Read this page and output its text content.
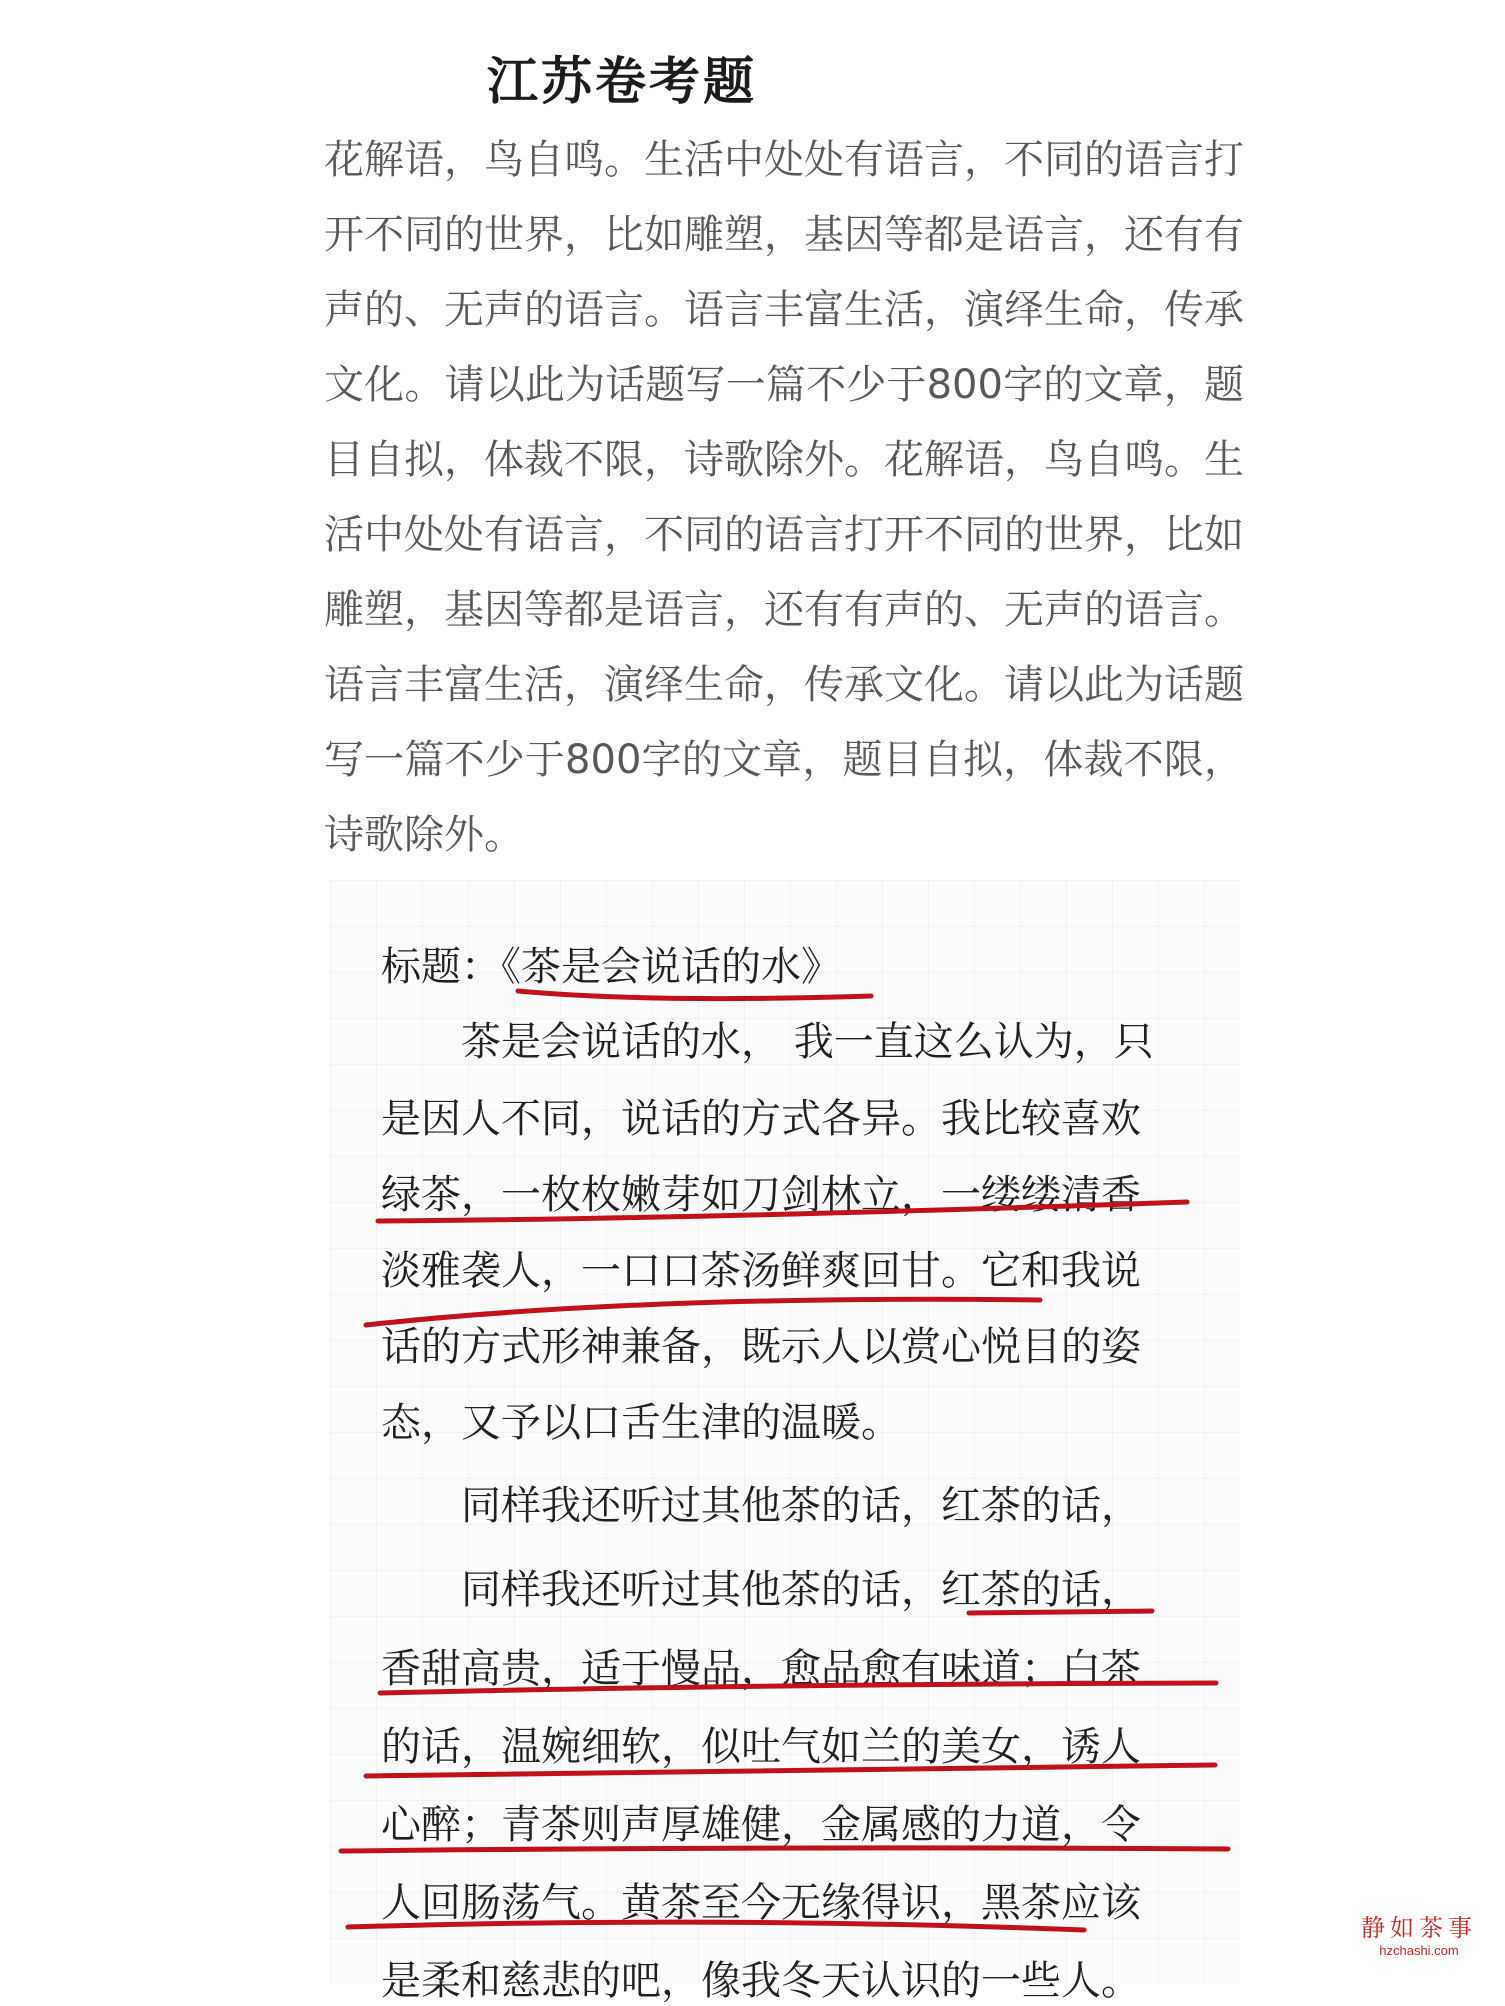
江苏卷考题

花解语，鸟自鸣。生活中处处有语言，不同的语言打开不同的世界，比如雕塑，基因等都是语言，还有有声的、无声的语言。语言丰富生活，演绎生命，传承文化。请以此为话题写一篇不少于800字的文章，题目自拟，体裁不限，诗歌除外。花解语，鸟自鸣。生活中处处有语言，不同的语言打开不同的世界，比如雕塑，基因等都是语言，还有有声的、无声的语言。语言丰富生活，演绎生命，传承文化。请以此为话题写一篇不少于800字的文章，题目自拟，体裁不限，诗歌除外。

标题：《茶是会说话的水》

　　茶是会说话的水， 我一直这么认为，只

是因人不同，说话的方式各异。我比较喜欢

绿茶，一枚枚嫩芽如刀剑林立，一缕缕清香

淡雅袭人，一口口茶汤鲜爽回甘。它和我说

话的方式形神兼备，既示人以赏心悦目的姿

态，又予以口舌生津的温暖。

　　同样我还听过其他茶的话，红茶的话，

　　同样我还听过其他茶的话，红茶的话，

香甜高贵，适于慢品，愈品愈有味道；白茶

的话，温婉细软，似吐气如兰的美女，诱人

心醉；青茶则声厚雄健，金属感的力道，令

人回肠荡气。黄茶至今无缘得识，黑茶应该

是柔和慈悲的吧，像我冬天认识的一些人。

静如茶事
hzchashi.com
